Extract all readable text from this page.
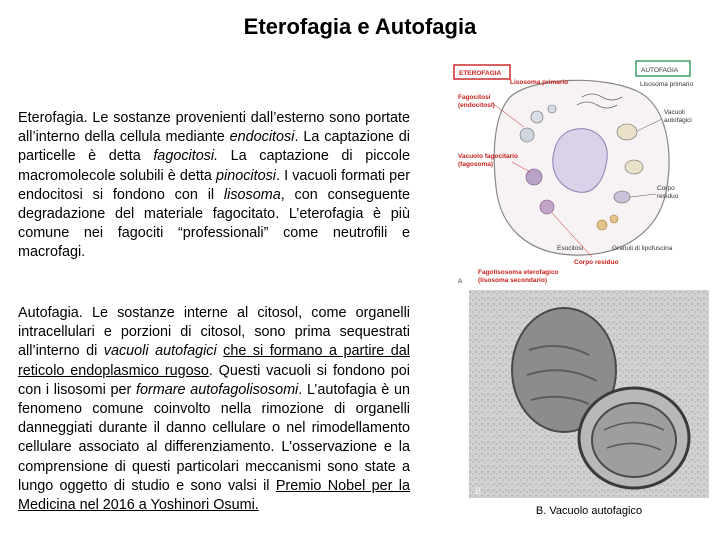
Eterofagia e Autofagia

Eterofagia. Le sostanze provenienti dall’esterno sono portate all’interno della cellula mediante endocitosi. La captazione di particelle è detta fagocitosi. La captazione di piccole macromolecole solubili è detta pinocitosi. I vacuoli formati per endocitosi si fondono con il lisosoma, con conseguente degradazione del materiale fagocitato. L’eterofagia è più comune nei fagociti “professionali” come neutrofili e macrofagi.

Autofagia. Le sostanze interne al citosol, come organelli intracellulari e porzioni di citosol, sono prima sequestrati all’interno di vacuoli autofagici che si formano a partire dal reticolo endoplasmico rugoso. Questi vacuoli si fondono poi con i lisosomi per formare autofagolisosomi. L’autofagia è un fenomeno comune coinvolto nella rimozione di organelli danneggiati durante il danno cellulare o nel rimodellamento cellulare associato al differenziamento. L'osservazione e la comprensione di questi particolari meccanismi sono state a lungo oggetto di studio e sono valsi il Premio Nobel per la Medicina nel 2016 a Yoshinori Osumi.

ETEROFAGIA	AUTOFAGIA
Lisosoma primario	Lisosoma primario
Fagocitosi
(endocitosi)
Vacuoli
autofagici
Vacuolo fagocitario
(fagosoma)
Corpo
residuo
Esocitosi	Granuli di lipofuscina
Corpo residuo
Fagolisosoma eterofagico
(lisosoma secondario)
A
B
B. Vacuolo autofagico
